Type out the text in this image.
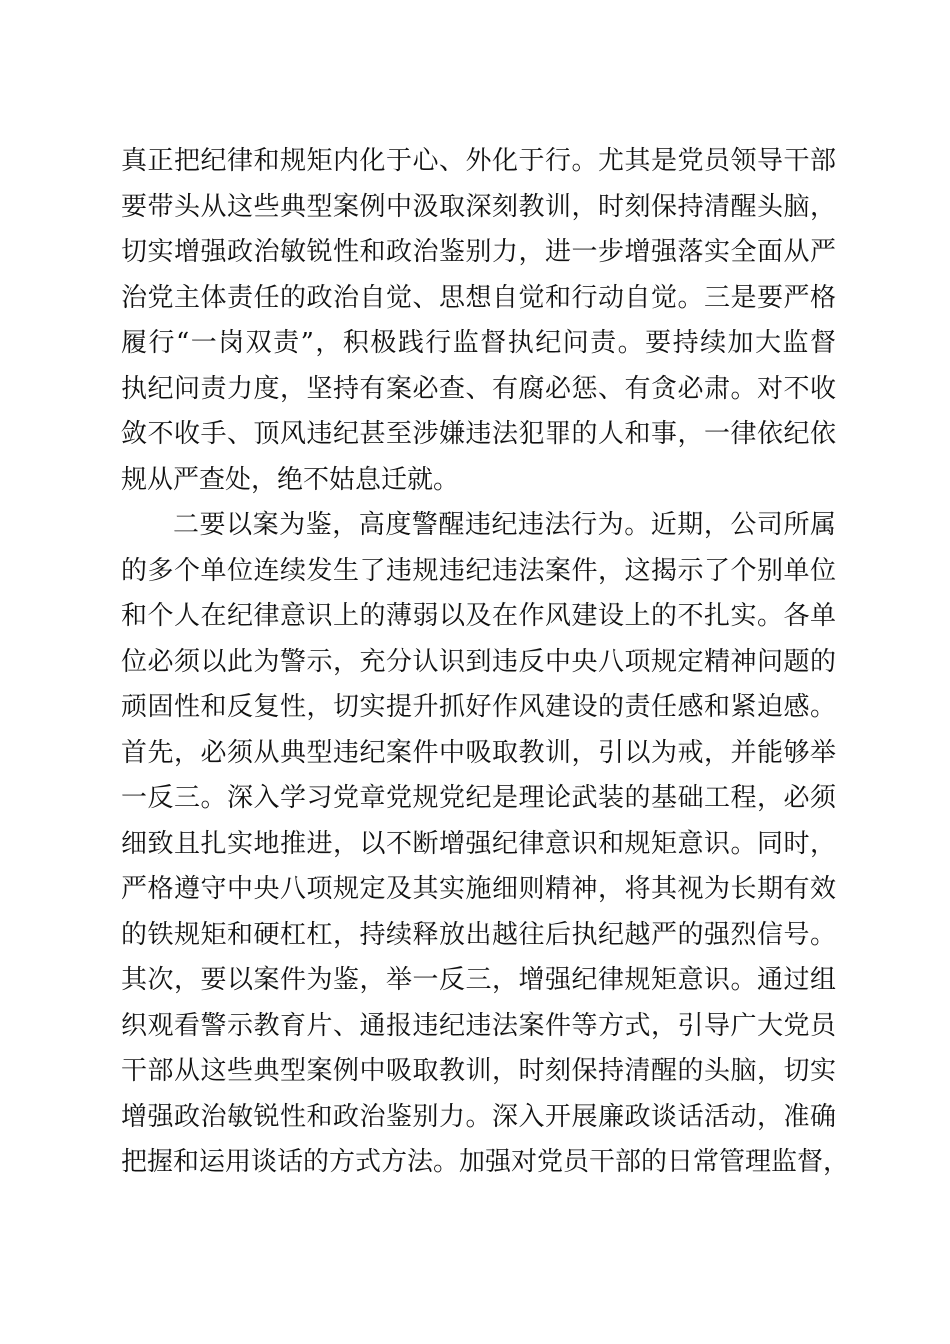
真正把纪律和规矩内化于心、外化于行。尤其是党员领导干部
要带头从这些典型案例中汲取深刻教训，时刻保持清醒头脑，
切实增强政治敏锐性和政治鉴别力，进一步增强落实全面从严
治党主体责任的政治自觉、思想自觉和行动自觉。三是要严格
履行“一岗双责”，积极践行监督执纪问责。要持续加大监督
执纪问责力度，坚持有案必查、有腐必惩、有贪必肃。对不收
敛不收手、顶风违纪甚至涉嫌违法犯罪的人和事，一律依纪依
规从严查处，绝不姑息迁就。
二要以案为鉴，高度警醒违纪违法行为。近期，公司所属
的多个单位连续发生了违规违纪违法案件，这揭示了个别单位
和个人在纪律意识上的薄弱以及在作风建设上的不扎实。各单
位必须以此为警示，充分认识到违反中央八项规定精神问题的
顽固性和反复性，切实提升抓好作风建设的责任感和紧迫感。
首先，必须从典型违纪案件中吸取教训，引以为戒，并能够举
一反三。深入学习党章党规党纪是理论武装的基础工程，必须
细致且扎实地推进，以不断增强纪律意识和规矩意识。同时，
严格遵守中央八项规定及其实施细则精神，将其视为长期有效
的铁规矩和硬杠杠，持续释放出越往后执纪越严的强烈信号。
其次，要以案件为鉴，举一反三，增强纪律规矩意识。通过组
织观看警示教育片、通报违纪违法案件等方式，引导广大党员
干部从这些典型案例中吸取教训，时刻保持清醒的头脑，切实
增强政治敏锐性和政治鉴别力。深入开展廉政谈话活动，准确
把握和运用谈话的方式方法。加强对党员干部的日常管理监督，
